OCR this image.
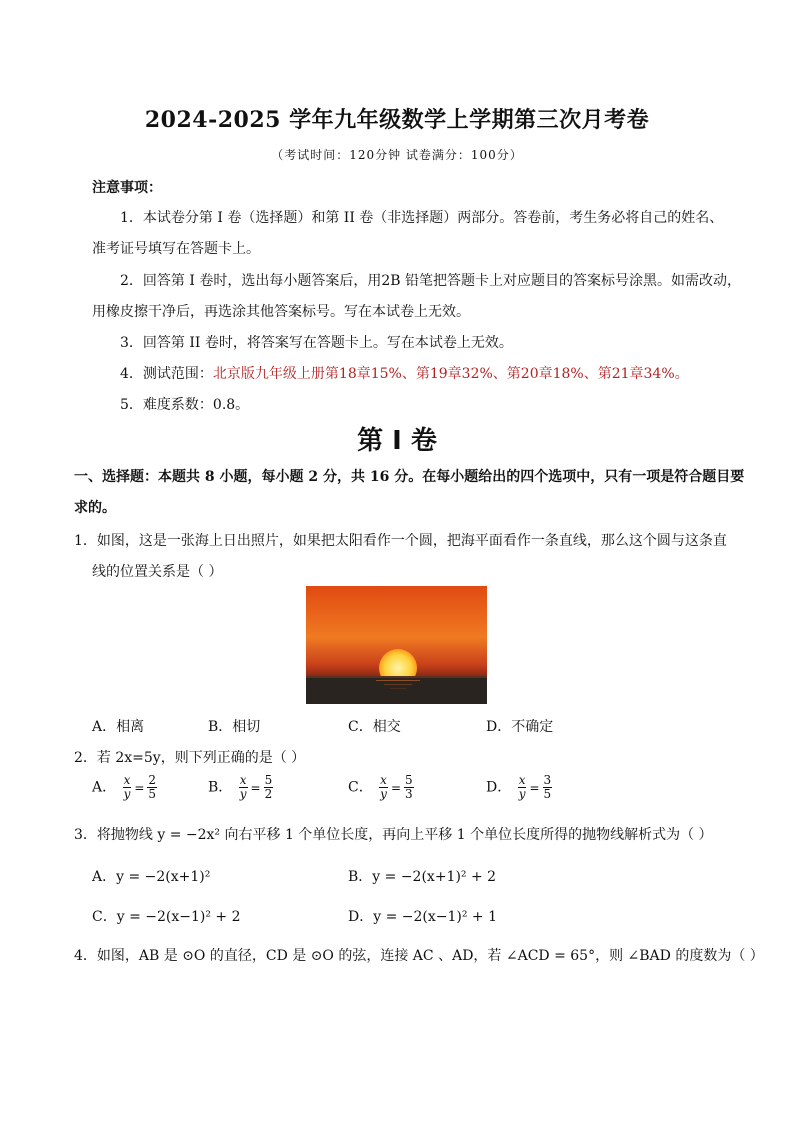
2024-2025 学年九年级数学上学期第三次月考卷
（考试时间：120分钟 试卷满分：100分）
注意事项：
1．本试卷分第 I 卷（选择题）和第 II 卷（非选择题）两部分。答卷前，考生务必将自己的姓名、
准考证号填写在答题卡上。
2．回答第 I 卷时，选出每小题答案后，用2B 铅笔把答题卡上对应题目的答案标号涂黑。如需改动，
用橡皮擦干净后，再选涂其他答案标号。写在本试卷上无效。
3．回答第 II 卷时，将答案写在答题卡上。写在本试卷上无效。
4．测试范围：北京版九年级上册第18章15%、第19章32%、第20章18%、第21章34%。
5．难度系数：0.8。
第 I 卷
一、选择题：本题共 8 小题，每小题 2 分，共 16 分。在每小题给出的四个选项中，只有一项是符合题目要
求的。
1．如图，这是一张海上日出照片，如果把太阳看作一个圆，把海平面看作一条直线，那么这个圆与这条直
线的位置关系是（ ）
A．相离	B．相切	C．相交	D．不确定
2．若 2x=5y，则下列正确的是（ ）
A． $\frac{x}{y} = \frac{2}{5}$	B． $\frac{x}{y} = \frac{5}{2}$	C． $\frac{x}{y} = \frac{5}{3}$	D． $\frac{x}{y} = \frac{3}{5}$
3．将抛物线 y = −2x² 向右平移 1 个单位长度，再向上平移 1 个单位长度所得的抛物线解析式为（ ）
A．y = −2(x+1)²	B．y = −2(x+1)² + 2
C．y = −2(x−1)² + 2	D．y = −2(x−1)² + 1
4．如图，AB 是 ⊙O 的直径，CD 是 ⊙O 的弦，连接 AC 、AD，若 ∠ACD = 65°，则 ∠BAD 的度数为（ ）
